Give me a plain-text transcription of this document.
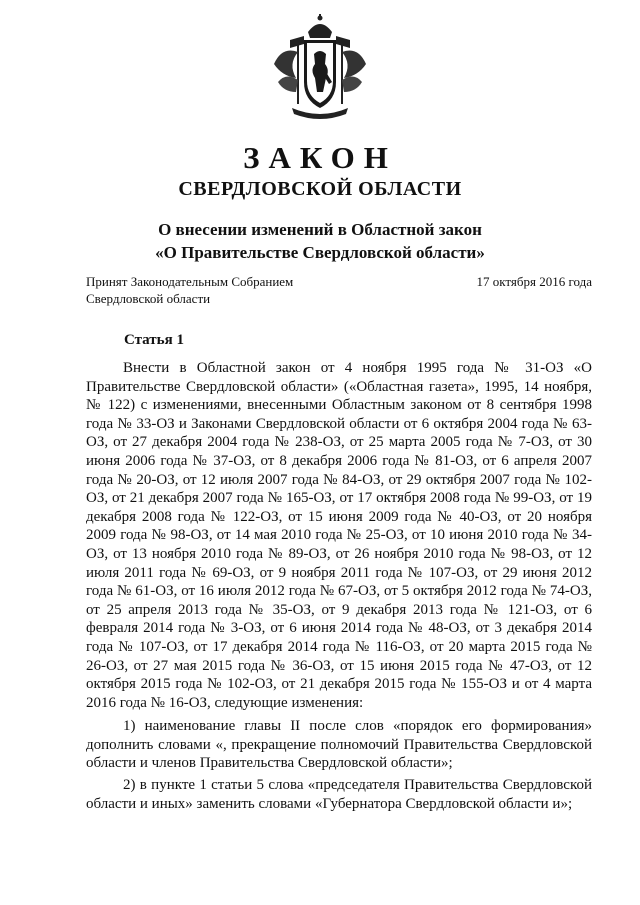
ЗАКОН
СВЕРДЛОВСКОЙ ОБЛАСТИ
О внесении изменений в Областной закон
«О Правительстве Свердловской области»
Принят Законодательным Собранием
Свердловской области
17 октября 2016 года
Статья 1

Внести в Областной закон от 4 ноября 1995 года № 31-ОЗ «О Правительстве Свердловской области» («Областная газета», 1995, 14 ноября, № 122) с изменениями, внесенными Областным законом от 8 сентября 1998 года № 33-ОЗ и Законами Свердловской области от 6 октября 2004 года № 63-ОЗ, от 27 декабря 2004 года № 238-ОЗ, от 25 марта 2005 года № 7-ОЗ, от 30 июня 2006 года № 37-ОЗ, от 8 декабря 2006 года № 81-ОЗ, от 6 апреля 2007 года № 20-ОЗ, от 12 июля 2007 года № 84-ОЗ, от 29 октября 2007 года № 102-ОЗ, от 21 декабря 2007 года № 165-ОЗ, от 17 октября 2008 года № 99-ОЗ, от 19 декабря 2008 года № 122-ОЗ, от 15 июня 2009 года № 40-ОЗ, от 20 ноября 2009 года № 98-ОЗ, от 14 мая 2010 года № 25-ОЗ, от 10 июня 2010 года № 34-ОЗ, от 13 ноября 2010 года № 89-ОЗ, от 26 ноября 2010 года № 98-ОЗ, от 12 июля 2011 года № 69-ОЗ, от 9 ноября 2011 года № 107-ОЗ, от 29 июня 2012 года № 61-ОЗ, от 16 июля 2012 года № 67-ОЗ, от 5 октября 2012 года № 74-ОЗ, от 25 апреля 2013 года № 35-ОЗ, от 9 декабря 2013 года № 121-ОЗ, от 6 февраля 2014 года № 3-ОЗ, от 6 июня 2014 года № 48-ОЗ, от 3 декабря 2014 года № 107-ОЗ, от 17 декабря 2014 года № 116-ОЗ, от 20 марта 2015 года № 26-ОЗ, от 27 мая 2015 года № 36-ОЗ, от 15 июня 2015 года № 47-ОЗ, от 12 октября 2015 года № 102-ОЗ, от 21 декабря 2015 года № 155-ОЗ и от 4 марта 2016 года № 16-ОЗ, следующие изменения:

1) наименование главы II после слов «порядок его формирования» дополнить словами «, прекращение полномочий Правительства Свердловской области и членов Правительства Свердловской области»;

2) в пункте 1 статьи 5 слова «председателя Правительства Свердловской области и иных» заменить словами «Губернатора Свердловской области и»;
